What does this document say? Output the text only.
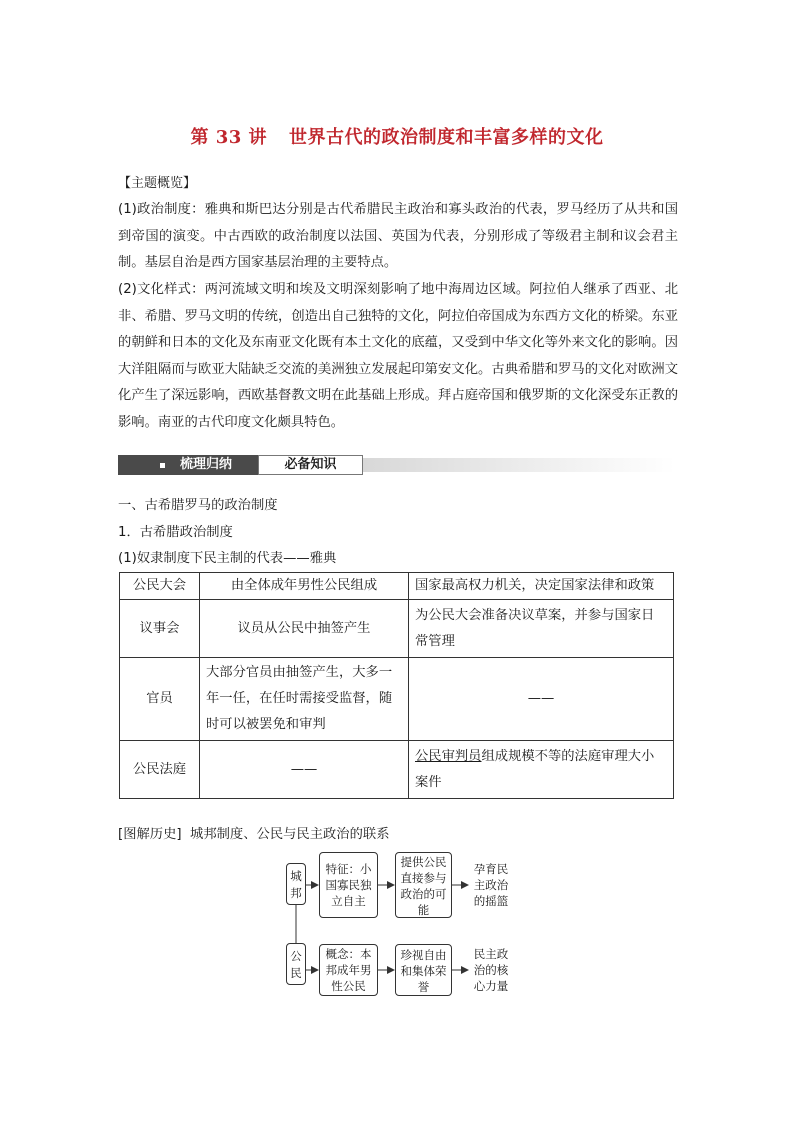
第 33 讲 世界古代的政治制度和丰富多样的文化
【主题概览】
(1)政治制度：雅典和斯巴达分别是古代希腊民主政治和寡头政治的代表，罗马经历了从共和国到帝国的演变。中古西欧的政治制度以法国、英国为代表，分别形成了等级君主制和议会君主制。基层自治是西方国家基层治理的主要特点。
(2)文化样式：两河流域文明和埃及文明深刻影响了地中海周边区域。阿拉伯人继承了西亚、北非、希腊、罗马文明的传统，创造出自己独特的文化，阿拉伯帝国成为东西方文化的桥梁。东亚的朝鲜和日本的文化及东南亚文化既有本土文化的底蕴，又受到中华文化等外来文化的影响。因大洋阻隔而与欧亚大陆缺乏交流的美洲独立发展起印第安文化。古典希腊和罗马的文化对欧洲文化产生了深远影响，西欧基督教文明在此基础上形成。拜占庭帝国和俄罗斯的文化深受东正教的影响。南亚的古代印度文化颇具特色。
梳理归纳	必备知识
一、古希腊罗马的政治制度
1．古希腊政治制度
(1)奴隶制度下民主制的代表——雅典
公民大会	由全体成年男性公民组成	国家最高权力机关，决定国家法律和政策
议事会	议员从公民中抽签产生	为公民大会准备决议草案，并参与国家日常管理
官员	大部分官员由抽签产生，大多一年一任，在任时需接受监督，随时可以被罢免和审判	——
公民法庭	——	公民审判员组成规模不等的法庭审理大小案件
[图解历史] 城邦制度、公民与民主政治的联系
城邦
公民
特征：小国寡民独立自主
提供公民直接参与政治的可能
孕育民主政治的摇篮
概念：本邦成年男性公民
珍视自由和集体荣誉
民主政治的核心力量
